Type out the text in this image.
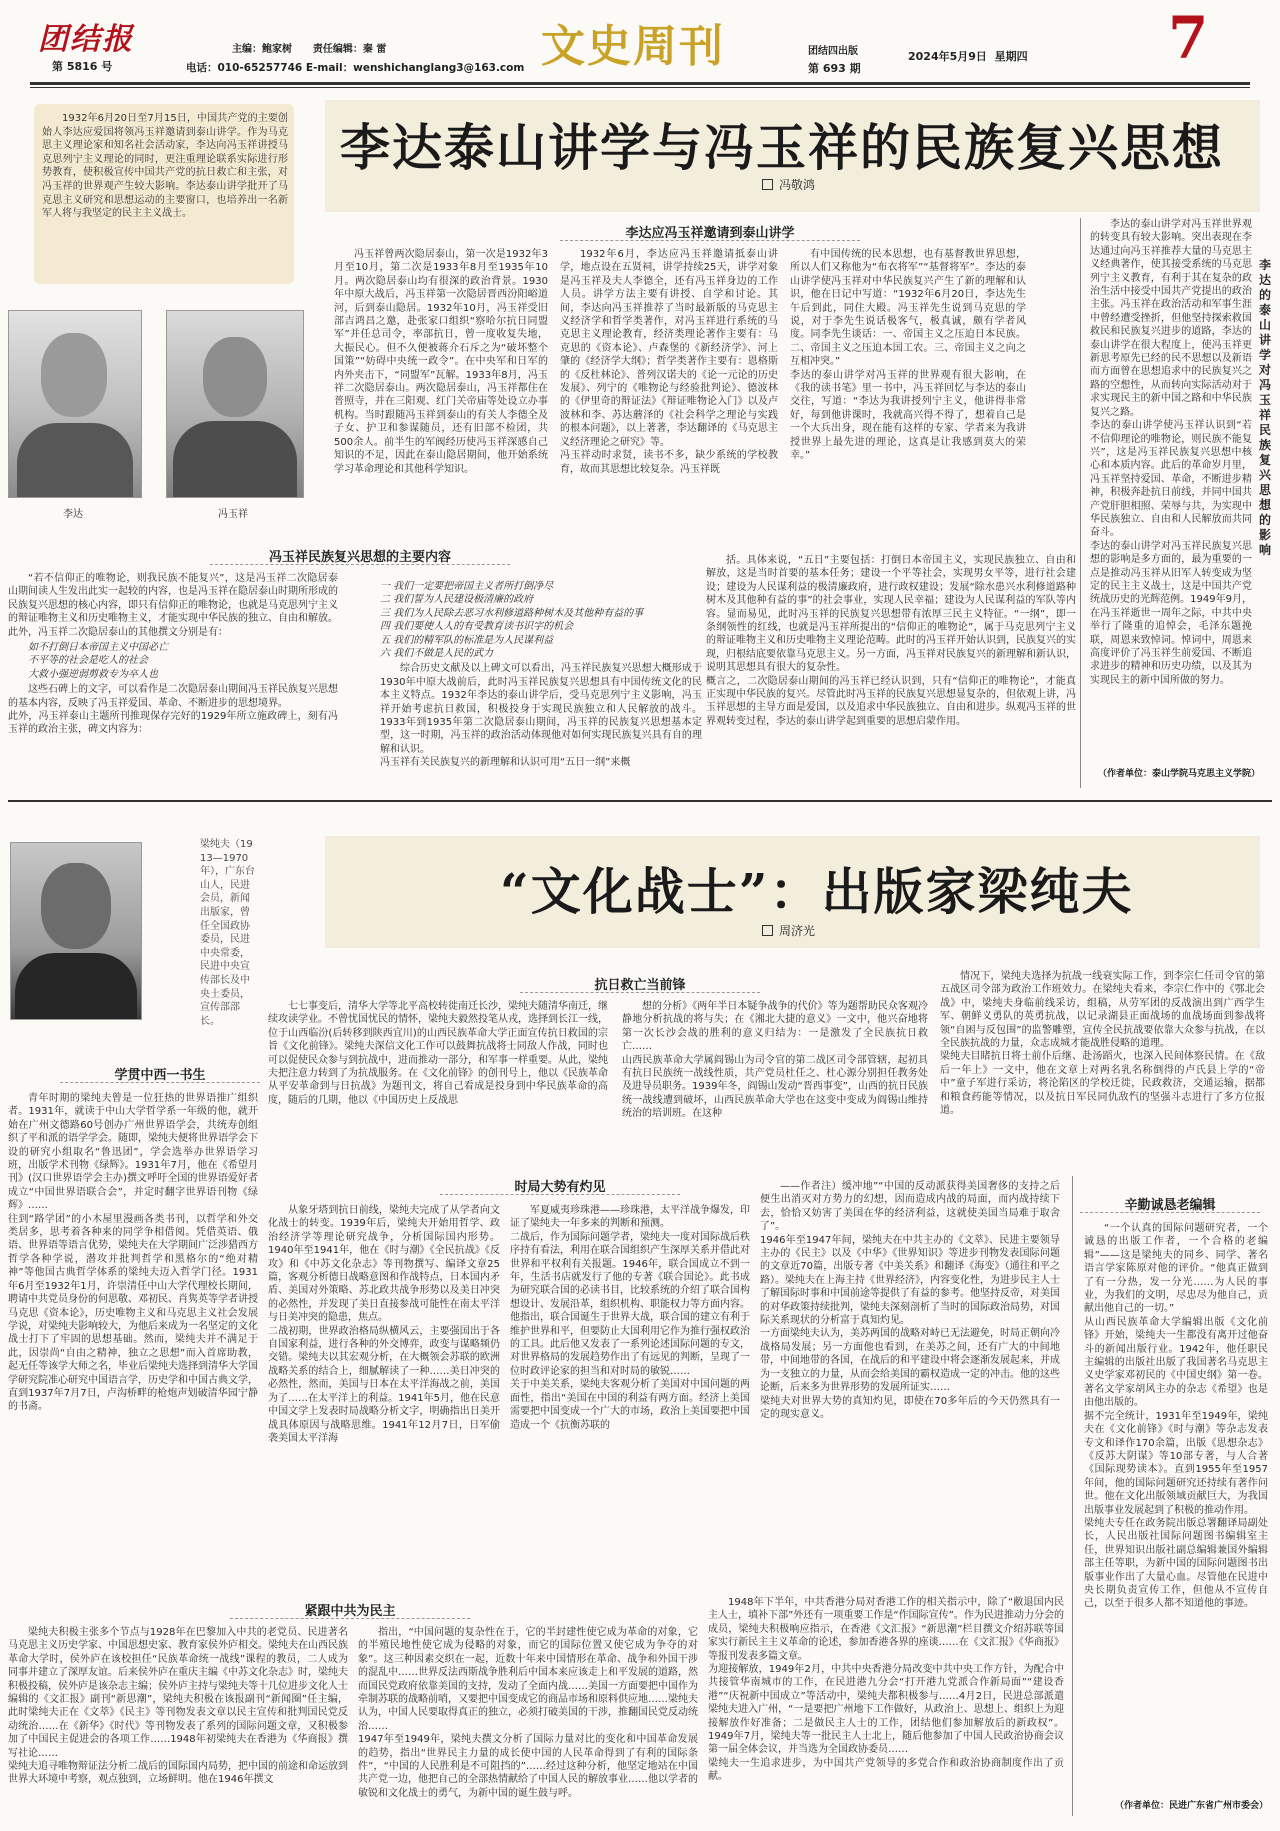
团结报
第 5816 号
主编：鲍家树      责任编辑：秦 雷
电话：010-65257746 E-mail：wenshichanglang3@163.com 文史周刊	团结四出版
第 693 期
2024年5月9日  星期四 7
1932年6月20日至7月15日，中国共产党的主要创始人李达应爱国将领冯玉祥邀请到泰山讲学。作为马克思主义理论家和知名社会活动家，李达向冯玉祥讲授马克思列宁主义理论的同时，更注重理论联系实际进行形势教育，使积极宣传中国共产党的抗日救亡和主张，对冯玉祥的世界观产生较大影响。李达泰山讲学批开了马克思主义研究和思想运动的主要窗口，也培养出一名新军人将与我坚定的民主主义战士。
李达泰山讲学与冯玉祥的民族复兴思想
冯敬鸿
李达	冯玉祥
李达应冯玉祥邀请到泰山讲学
冯玉祥曾两次隐居泰山，第一次是1932年3月至10月，第二次是1933年8月至1935年10月。两次隐居泰山均有很深的政治背景。1930年中原大战后，冯玉祥第一次隐居晋西汾阳峪道河，后到泰山隐居。1932年10月，冯玉祥受旧部吉鸿昌之邀，赴张家口组织“察哈尔抗日同盟军”并任总司令，率部抗日，曾一度收复失地，大振民心。但不久便被蒋介石斥之为“破坏整个国策”“妨碍中央统一政令”。在中央军和日军的内外夹击下，“同盟军”瓦解。1933年8月，冯玉祥二次隐居泰山。两次隐居泰山，冯玉祥都住在普照寺，并在三阳观、红门关帝庙等处设立办事机构。当时跟随冯玉祥到泰山的有关人李德全及子女、护卫和参谋随员，还有旧部不检团，共500余人。前半生的军阀经历使冯玉祥深感自己知识的不足，因此在泰山隐居期间，他开始系统学习革命理论和其他科学知识。
1932年6月，李达应冯玉祥邀请抵泰山讲学，地点设在五贤祠，讲学持续25天，讲学对象是冯玉祥及夫人李德全，还有冯玉祥身边的工作人员。讲学方法主要有讲授、自学和讨论。其间，李达向冯玉祥推荐了当时最新版的马克思主义经济学和哲学类著作，对冯玉祥进行系统的马克思主义理论教育，经济类理论著作主要有：马克思的《资本论》、卢森堡的《新经济学》、河上肇的《经济学大纲》；哲学类著作主要有：恩格斯的《反杜林论》、普列汉诺夫的《论一元论的历史发展》、列宁的《唯物论与经验批判论》、德波林的《伊里奇的辩证法》《辩证唯物论入门》以及卢波林和李、苏达蘑泽的《社会科学之理论与实践的根本问题》，以上著著，李达翻译的《马克思主义经济理论之研究》等。
冯玉祥动时求贤，读书不多，缺少系统的学校教育，故而其思想比较复杂。冯玉祥既
有中国传统的民本思想，也有基督教世界思想，所以人们又称他为“布衣将军”“基督将军”。李达的泰山讲学使冯玉祥对中华民族复兴产生了新的理解和认识，他在日记中写道：“1932年6月20日，李达先生午后到此，同住大殿。冯玉祥先生说到马克思的学说，对于李先生说话极客气，极真诚，颇有学者风度。同李先生谈话：一、帝国主义之压迫日本民族。二、帝国主义之压迫本国工农。三、帝国主义之向之互相冲突。”
李达的泰山讲学对冯玉祥的世界观有很大影响，在《我的读书笔》里一书中，冯玉祥回忆与李达的泰山交往，写道：“李达为我讲授列宁主义，他讲得非常好，每到他讲课时，我就高兴得不得了，想着自己是一个大兵出身，现在能有这样的专家、学者来为我讲授世界上最先进的理论，这真是让我感到莫大的荣幸。”
李达的泰山讲学对冯玉祥世界观的转变具有较大影响。突出表现在李达通过向冯玉祥推荐大量的马克思主义经典著作，使其接受系统的马克思列宁主义教育，有利于其在复杂的政治生活中接受中国共产党提出的政治主张。冯玉祥在政治活动和军事生涯中曾经遭受挫折，但他坚持探索救国救民和民族复兴进步的道路，李达的泰山讲学在很大程度上，使冯玉祥更新思考原先已经的民不思想以及新语而方面曾在思想追求中的民族复兴之路的空想性，从而转向实际活动对于求实现民主的新中国之路和中华民族复兴之路。
李达的泰山讲学使冯玉祥认识到“若不信仰理论的唯物论，则民族不能复兴”，这是冯玉祥民族复兴思想中核心和本质内容。此后的革命岁月里，冯玉祥坚持爱国、革命，不断进步精神，积极奔赴抗日前线，并同中国共产党肝胆相照、荣辱与共，为实现中华民族独立、自由和人民解放而共同奋斗。
李达的泰山讲学对冯玉祥民族复兴思想的影响是多方面的，最为重要的一点是推动冯玉祥从旧军人转变成为坚定的民主主义战士，这是中国共产党统战历史的光辉范例。1949年9月，在冯玉祥逝世一周年之际，中共中央举行了隆重的追悼会，毛泽东题挽联，周恩来致悼词。悼词中，周恩来高度评价了冯玉祥生前爱国、不断追求进步的精神和历史功绩，以及其为实现民主的新中国所做的努力。
（作者单位：泰山学院马克思主义学院）
李达的泰山讲学对冯玉祥民族复兴思想的影响
冯玉祥民族复兴思想的主要内容
“若不信仰正的唯物论，则我民族不能复兴”，这是冯玉祥二次隐居泰山期间读人生发出此实一起较的内容，也是冯玉祥在隐居泰山时期所形成的民族复兴思想的核心内容，即只有信仰正的唯物论，也就是马克思列宁主义的辩证唯物主义和历史唯物主义，才能实现中华民族的独立、自由和解放。此外，冯玉祥二次隐居泰山的其他撰文分别是有：
如不打倒日本帝国主义中国必亡
不平等的社会是吃人的社会
大救小强逆弱剪救专为卒人也
这些石碑上的文字，可以看作是二次隐居泰山期间冯玉祥民族复兴思想的基本内容，反映了冯玉祥爱国、革命、不断进步的思想境界。
此外，冯玉祥泰山主题所刊推现保存完好的1929年所立施政碑上，刻有冯玉祥的政治主张，碑文内容为：
一 我们一定要把帝国主义者所打倒净尽
二 我们誓为人民建设极清廉的政府
三 我们为人民除去恶习水利修道路种树木及其他种有益的事
四 我们要使人人的有受教育读书识字的机会
五 我们的精军队的标准是为人民谋利益
六 我们不做是人民的武力
综合历史文献及以上碑文可以看出，冯玉祥民族复兴思想大概形成于1930年中原大战前后，此时冯玉祥民族复兴思想具有中国传统文化的民本主义特点。1932年李达的泰山讲学后，受马克思列宁主义影响，冯玉祥开始考虑抗日救国，积极投身于实现民族独立和人民解放的战斗。1933年到1935年第二次隐居泰山期间，冯玉祥的民族复兴思想基本定型，这一时期，冯玉祥的政治活动体现他对如何实现民族复兴具有自的理解和认识。
冯玉祥有关民族复兴的新理解和认识可用“五日一纲”来概
括。具体来说，“五日”主要包括：打倒日本帝国主义，实现民族独立、自由和解放，这是当时首要的基本任务；建设一个平等社会，实现男女平等，进行社会建设；建设为人民谋利益的极清廉政府，进行政权建设；发展“除水患兴水利修道路种树木及其他种有益的事”的社会事业，实现人民幸福；建设为人民谋利益的军队等内容。显而易见，此时冯玉祥的民族复兴思想带有浓厚三民主义特征。“一纲”，即一条纲领性的红线，也就是冯玉祥所提出的“信仰正的唯物论”，属于马克思列宁主义的辩证唯物主义和历史唯物主义理论范畴。此时的冯玉祥开始认识到，民族复兴的实现，归根结底要依靠马克思主义。另一方面，冯玉祥对民族复兴的新理解和新认识，说明其思想具有很大的复杂性。
概言之，二次隐居泰山期间的冯玉祥已经认识到，只有“信仰正的唯物论”，才能真正实现中华民族的复兴。尽管此时冯玉祥的民族复兴思想显复杂的，但依观上讲，冯玉祥思想的主导方面是爱国，以及追求中华民族独立、自由和进步。纵观冯玉祥的世界观转变过程，李达的泰山讲学起到重要的思想启蒙作用。
梁纯夫（1913—1970年），广东台山人，民进会员，新闻出版家，曾任全国政协委员，民进中央常委，民进中央宣传部长及中央土委员，宣传部部长。
“文化战士”：出版家梁纯夫
周济光
学贯中西一书生
青年时期的梁纯夫曾是一位狂热的世界语推广组织者。1931年，就读于中山大学哲学系一年级的他，就开始在广州文德路60号创办广州世界语学会，共统寿创组织了平和派的语学学会。随即，梁纯夫便将世界语学会下设的研究小组取名“鲁迅团”，学会选举办世界语学习班，出版学术刊物《绿辉》。1931年7月，他在《希望月刊》(汉口世界语学会主办)撰文呼吁全国的世界语爱好者成立“中国世界语联合会”，并定时翻字世界语刊物《绿辉》……
往到“路学团”的小木屋里漫画各类书刊，以哲学和外交类居多，思考着各种来的同学争相借阅。凭借英语、俄语、世界语等语言优势，梁纯夫在大学期间广泛涉猎西方哲学各种学说，潜攻并批判哲学和黑格尔的“绝对精神”等他国古典哲学体系的梁纯夫迈入哲学门径。1931年6月至1932年1月，许崇清任中山大学代理校长期间，聘请中共党员身份的何思敬、邓初民、肖隽英等学者讲授马克思《资本论》，历史唯物主义和马克思主义社会发展学说，对梁纯夫影响较大，为他后来成为一名坚定的文化战士打下了牢固的思想基础。然而，梁纯夫并不满足于此，因崇尚“自由之精神，独立之思想”而入首席助教，起无任等该学大师之名，毕业后梁纯夫选择到清华大学国学研究院准心研究中国语言学，历史学和中国古典文学，直到1937年7月7日，卢沟桥畔的枪炮声划破清华园宁静的书斋。
抗日救亡当前锋
七七事变后，清华大学等北平高校转徙南迁长沙，梁纯夫随清华南迁，继续攻读学业。不曾忧国忧民的情怀，梁纯夫毅然投笔从戎，选择到长江一线，位于山西临汾(后转移到陕西宜川)的山西民族革命大学正面宣传抗日救国的宗旨《文化前锋》。梁纯夫深信文化工作可以鼓舞抗战将士同敌人作战，同时也可以促使民众参与到抗战中，进而推动一部分，和军事一样重要。从此，梁纯夫把注意力转到了为抗战服务。在《文化前锋》的创刊号上，他以《民族革命从平安革命到与日抗战》为题刊文，将自己看成是投身到中华民族革命的高度，随后的几期，他以《中国历史上反战思
想的分析》《两年半日本疑争战争的代价》等为题帮助民众客观冷静地分析抗战的将与失；在《湘北大捷的意义》一文中，他兴奋地将第一次长沙会战的胜利的意义归结为：一是激发了全民族抗日救亡……
山西民族革命大学属阎锡山为司令官的第二战区司令部管辖，起初具有抗日民族统一战线性质，共产党员杜任之、杜心源分别担任教务处及进导员职务。1939年冬，阎锡山发动“晋西事变”，山西的抗日民族统一战线遭到破坏，山西民族革命大学也在这变中变成为阎锡山维持统治的培训班。在这种
情况下，梁纯夫选择为抗战一线衰实际工作，到李宗仁任司令官的第五战区司令部为政治工作班效力。在梁纯夫看来，李宗仁作中的《鄂北会战》中，梁纯夫身临前线采访，组稿，从劳军团的反战演出到广西学生军、朝鲜义勇队的英勇抗战，以记录湖县正面战场的血战场面到参战将领“自困与反包围”的监警雕塑，宣传全民抗战要依靠大众参与抗战，在以全民族抗战的力量，众志成城才能战胜侵略的道理。
梁纯夫目睹抗日将士前仆后继、赴汤蹈火，也深入民间体察民情。在《敌后一年上》一文中，他在文章上对两名乳名称倒得的卢氏县上学的“帝中”童子军进行采访，将沦陷区的学校迁徙，民政救济，交通运输，据都和粮食药能等情况，以及抗日军民同仇敌忾的坚强斗志进行了多方位报道。
时局大势有灼见
从象牙塔到抗日前线，梁纯夫完成了从学者向文化战士的转变。1939年后，梁纯夫开始用哲学、政治经济学等理论研究战争，分析国际国内形势。1940年至1941年，他在《时与潮》《全民抗战》《反攻》和《中苏文化杂志》等刊物撰写、编译文章25篇，客观分析德日战略意图和作战特点，日本国内矛盾、美国对外策略、苏北政共战争形势以及美日冲突的必然性，并发现了美日直接参战可能性在南太平洋与日美冲突的隐患，焦点。
二战初期，世界政治格局纵横风云，主要强国出于各自国家利益，进行各种的外交博弈，政变与谋略频仍交错。梁纯夫以其宏观分析，在大概领会苏联的欧洲战略关系的结合上，细腻解读了一种……美日冲突的必然性，然而，美国与日本在太平洋海战之前，美国为了……在太平洋上的利益。1941年5月，他在民意中国文学上发表时局战略分析文字，明确指出日美开战具体原因与战略思维。1941年12月7日，日军偷袭美国太平洋海
军夏威夷珍珠港——珍珠港，太平洋战争爆发，印证了梁纯夫一年多来的判断和预测。
二战后，作为国际问题学者，梁纯夫一度对国际战后秩序持有看法，利用在联合国组织产生深厚关系并借此对世界和平权利有关报题。1946年，联合国成立不到一年，生活书店就发行了他的专著《联合国论》。此书成为研究联合国的必读书目，比较系统的介绍了联合国构想设计、发展沿革，组织机构、职能权力等方面内容。他指出，联合国诞生于世界大战，联合国的建立有利于维护世界和平，但要防止大国利用它作为推行强权政治的工具。此后他又发表了一系列论述国际问题的专文，对世界格局的发展趋势作出了有远见的判断，呈现了一位时政评论家的担当和对时局的敏锐……
关于中美关系，梁纯夫客观分析了美国对中国问题的两面性，指出“美国在中国的利益有两方面。经济上美国需要把中国变成一个广大的市场，政治上美国要把中国造成一个《抗衡苏联的
——作者注）缓冲地”“中国的反动派获得美国奢侈的支持之后便生出消灭对方势力的幻想，因而造成内战的局面，而内战持续下去，恰恰又妨害了美国在华的经济利益，这就使美国当局难于取舍了”。
1946年至1947年间，梁纯夫在中共主办的《文萃》、民进主要领导主办的《民主》以及《中华》《世界知识》等进步刊物发表国际问题的文章近70篇，出版专著《中美关系》和翻译《海变》（通往和平之路）。梁纯夫在上海主持《世界经济》，内容变化性，为进步民主人士了解国际时事和中国前途等提供了有益的参考。他坚持反帝，对美国的对华政策持续批判，梁纯夫深刻剖析了当时的国际政治局势，对国际关系现状的分析富于真知灼见。
一方面梁纯夫认为，美苏两国的战略对峙已无法避免，时局正朝向冷战格局发展；另一方面他也看到，在美苏之间，还有广大的中间地带，中间地带的各国，在战后的和平建设中将会逐渐发展起来，并成为一支独立的力量，从而会给美国的霸权造成一定的冲击。他的这些论断，后来多为世界形势的发展所证实……
梁纯夫对世界大势的真知灼见，即使在70多年后的今天仍然具有一定的现实意义。
辛勤诚恳老编辑
“一个认真的国际问题研究者，一个诚恳的出版工作者，一个合格的老编辑”——这是梁纯夫的同乡、同学、著名语言学家陈原对他的评价。“他真正做到了有一分热，发一分光……为人民的事业，为我们的文明，尽忠尽为他自己，贡献出他自己的一切。”
从山西民族革命大学编辑出版《文化前锋》开始，梁纯夫一生都没有离开过他奋斗的新闻出版行业。1942年，他任职民主编辑的出版社出版了我国著名马克思主义史学家邓初民的《中国史纲》第一卷。著名文学家胡风主办的杂志《希望》也是由他出版的。
据不完全统计，1931年至1949年，梁纯夫在《文化前锋》《时与潮》等杂志发表专文和译作170余篇，出版《思想杂志》《反苏大阴谋》等10部专著，与人合著《国际现势读本》。直到1955年至1957年间，他的国际问题研究还持续有著作问世。他在文化出版领域贡献巨大，为我国出版事业发展起到了积极的推动作用。
梁纯夫专任在政务院出版总署翻译局副处长，人民出版社国际问题图书编辑室主任，世界知识出版社副总编辑兼国外编辑部主任等职，为新中国的国际问题图书出版事业作出了大量心血。尽管他在民进中央长期负责宣传工作，但他从不宣传自己，以至于很多人都不知道他的事迹。
（作者单位：民进广东省广州市委会）
紧跟中共为民主
梁纯夫积极主张多个节点与1928年在巴黎加入中共的老党员、民进著名马克思主义历史学家、中国思想史家、教育家侯外庐相交。梁纯夫在山西民族革命大学时，侯外庐在该校担任“民族革命统一战线”课程的教员，二人成为同事并建立了深厚友谊。后来侯外庐在重庆主编《中苏文化杂志》时，梁纯夫积极投稿，侯外庐是该杂志主编；侯外庐主持与梁纯夫等十几位进步文化人士编辑的《文汇报》副刊“新思潮”，梁纯夫积极在该报副刊“新闻圈”任主编，此时梁纯夫正在《文萃》《民主》等刊物发表文章以民主宣传和批判国民党反动统治……在《新华》《时代》等刊物发表了系列的国际问题文章，又积极参加了中国民主促进会的各项工作……1948年初梁纯夫在香港为《华商报》撰写社论……
梁纯夫追寻唯物辩证法分析二战后的国际国内局势，把中国的前途和命运放到世界大环境中考察，观点独到，立场鲜明。他在1946年撰文
指出，“中国问题的复杂性在于，它的半封建性使它成为革命的对象，它的半殖民地性使它成为侵略的对象，而它的国际位置又使它成为争夺的对象”。这三种因素交织在一起，近数十年来中国情形在革命、战争和外国干涉的混乱中……世界反法西斯战争胜利后中国本来应该走上和平发展的道路，然而国民党政府依靠美国的支持，发动了全面内战……美国一方面要把中国作为牵制苏联的战略前哨，又要把中国变成它的商品市场和原料供应地……梁纯夫认为，中国人民要取得真正的独立，必须打破美国的干涉，推翻国民党反动统治……
1947年至1949年，梁纯夫撰文分析了国际力量对比的变化和中国革命发展的趋势，指出“世界民主力量的成长使中国的人民革命得到了有利的国际条件”，“中国的人民胜利是不可阻挡的”……经过这种分析，他坚定地站在中国共产党一边，他把自己的全部热情献给了中国人民的解放事业……他以学者的敏锐和文化战士的勇气，为新中国的诞生鼓与呼。
1948年下半年，中共香港分局对香港工作的相关指示中，除了“敝退国内民主人士，填补下部”外还有一项重要工作是“作国际宣传”。作为民进推动力分会的成员，梁纯夫积极响应指示，在香港《文汇报》“新思潮”栏目撰文介绍苏联等国家实行新民主主义革命的论述，参加香港各界的座谈……在《文汇报》《华商报》等报刊发表多篇文章。
为迎接解放，1949年2月，中共中央香港分局改变中共中央工作方针，为配合中共接管华南城市的工作，在民进港九分会“打开港九党派合作新局面”“建设香港”“庆祝新中国成立”等活动中，梁纯夫都积极参与……4月2日，民进总部派遣梁纯夫进入广州，“一是要把广州地下工作做好，从政治上、思想上、组织上为迎接解放作好准备；二是做民主人士的工作，团结他们参加解放后的新政权”。1949年7月，梁纯夫等一批民主人士北上，随后他参加了中国人民政治协商会议第一届全体会议，并当选为全国政协委员……
梁纯夫一生追求进步，为中国共产党领导的多党合作和政治协商制度作出了贡献。
